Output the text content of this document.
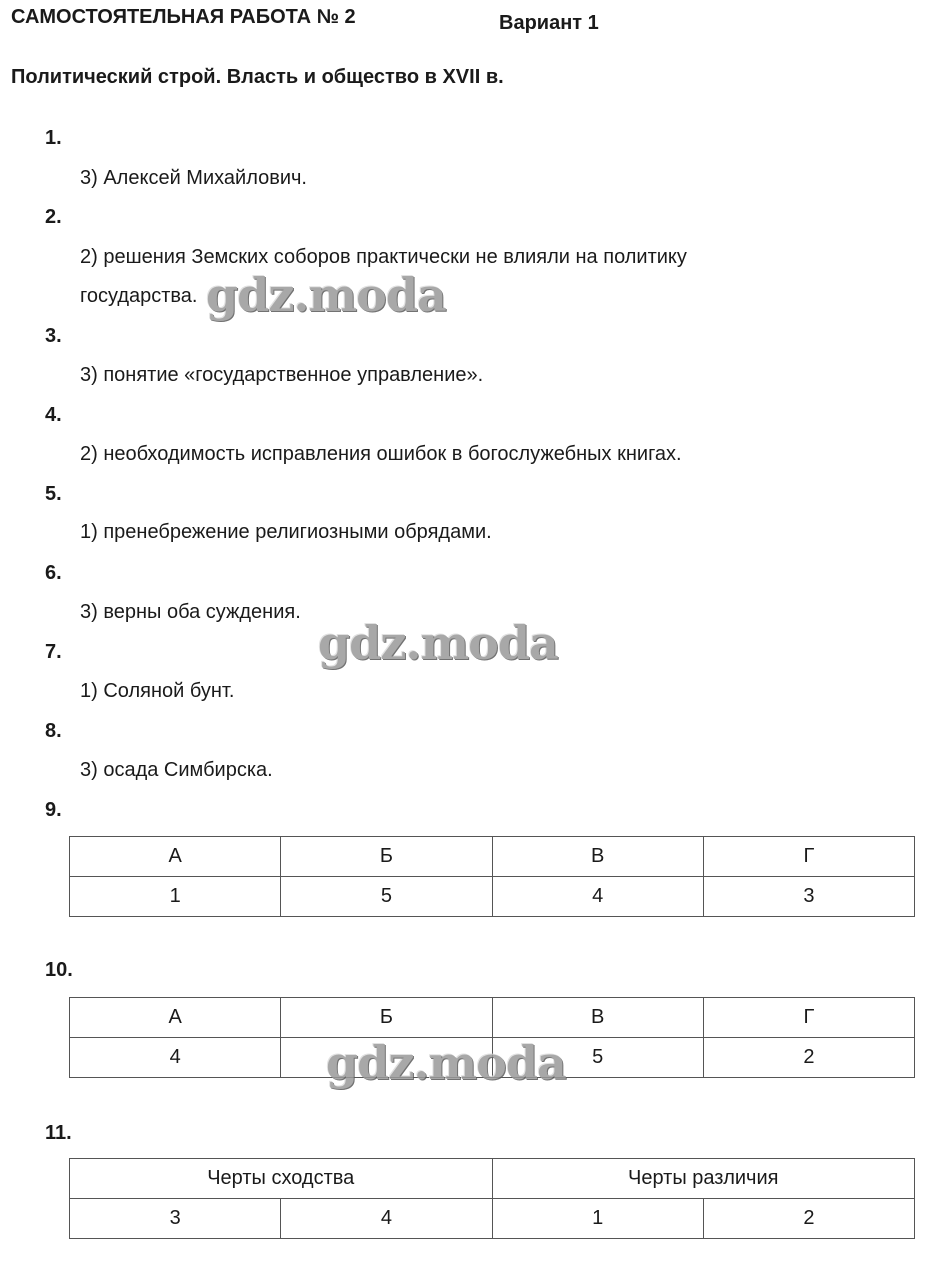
САМОСТОЯТЕЛЬНАЯ РАБОТА № 2	Вариант 1
Политический строй. Власть и общество в XVII в.
1.
3) Алексей Михайлович.
2.
2) решения Земских соборов практически не влияли на политику
государства.
3.
3) понятие «государственное управление».
4.
2) необходимость исправления ошибок в богослужебных книгах.
5.
1) пренебрежение религиозными обрядами.
6.
3) верны оба суждения.
7.
1) Соляной бунт.
8.
3) осада Симбирска.
9.
А	Б	В	Г
1	5	4	3
10.
А	Б	В	Г
4		5	2
11.
Черты сходства		Черты различия	
3	4	1	2
gdz.moda
gdz.moda
gdz.moda
